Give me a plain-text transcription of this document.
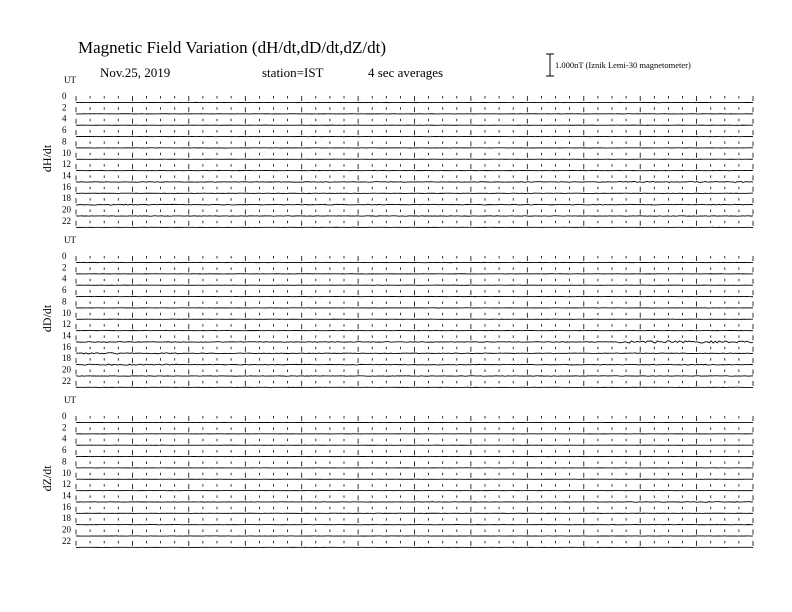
Magnetic Field Variation (dH/dt,dD/dt,dZ/dt)
Nov.25, 2019	station=IST	4 sec averages	1.000nT (Iznik Lemi-30 magnetometer)
UT
dH/dt
0
2
4
6
8
10
12
14
16
18
20
22
UT
dD/dt
0
2
4
6
8
10
12
14
16
18
20
22
UT
dZ/dt
0
2
4
6
8
10
12
14
16
18
20
22
